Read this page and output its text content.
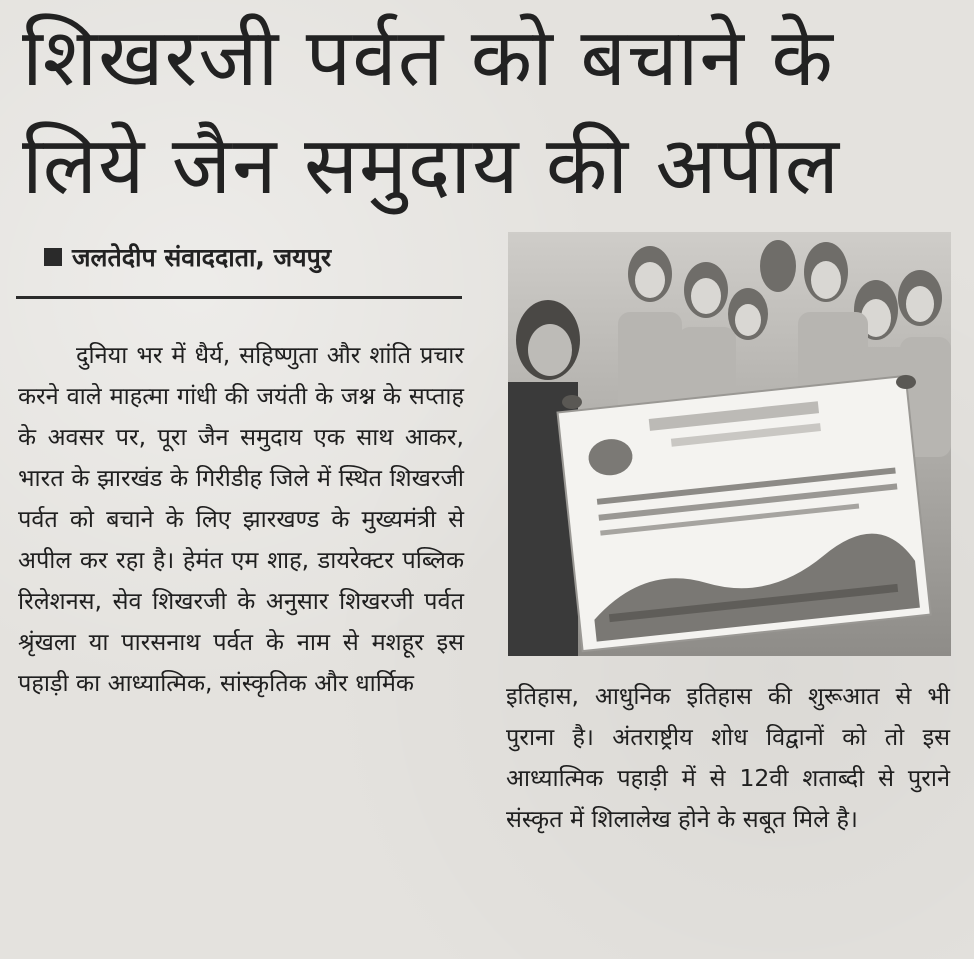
शिखरजी पर्वत को बचाने के
लिये जैन समुदाय की अपील
जलतेदीप संवाददाता, जयपुर

दुनिया भर में धैर्य, सहिष्णुता और शांति प्रचार करने वाले माहत्मा गांधी की जयंती के जश्न के सप्ताह के अवसर पर, पूरा जैन समुदाय एक साथ आकर, भारत के झारखंड के गिरीडीह जिले में स्थित शिखरजी पर्वत को बचाने के लिए झारखण्ड के मुख्यमंत्री से अपील कर रहा है। हेमंत एम शाह, डायरेक्टर पब्लिक रिलेशनस, सेव शिखरजी के अनुसार शिखरजी पर्वत श्रृंखला या पारसनाथ पर्वत के नाम से मशहूर इस पहाड़ी का आध्यात्मिक, सांस्कृतिक और धार्मिक	इतिहास, आधुनिक इतिहास की शुरूआत से भी पुराना है। अंतराष्ट्रीय शोध विद्वानों को तो इस आध्यात्मिक पहाड़ी में से 12वी शताब्दी से पुराने संस्कृत में शिलालेख होने के सबूत मिले है।
